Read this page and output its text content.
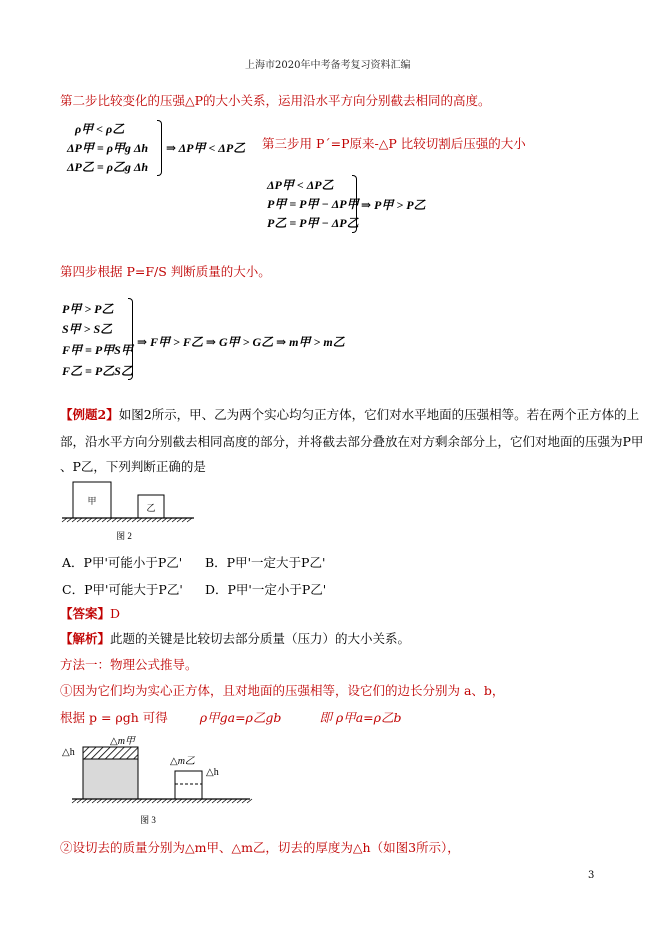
上海市2020年中考备考复习资料汇编
第二步比较变化的压强△P的大小关系，运用沿水平方向分别截去相同的高度。
ρ甲 < ρ乙
ΔP甲 = ρ甲g Δh
ΔP乙 = ρ乙g Δh
⇒ ΔP甲 < ΔP乙 第三步用 P´=P原来-△P 比较切割后压强的大小
ΔP甲 < ΔP乙
P甲 = P甲 − ΔP甲
P乙 = P甲 − ΔP乙
⇒ P甲 > P乙
第四步根据 P=F/S 判断质量的大小。
P甲 > P乙
S甲 > S乙
F甲 = P甲S甲
F乙 = P乙S乙
⇒ F甲 > F乙 ⇒ G甲 > G乙 ⇒ m甲 > m乙
【例题2】如图2所示，甲、乙为两个实心均匀正方体，它们对水平地面的压强相等。若在两个正方体的上
部，沿水平方向分别截去相同高度的部分，并将截去部分叠放在对方剩余部分上，它们对地面的压强为P甲
、P乙，下列判断正确的是
甲
乙
图 2
A．P甲'可能小于P乙' B．P甲'一定大于P乙'
C．P甲'可能大于P乙' D．P甲'一定小于P乙'
【答案】D
【解析】此题的关键是比较切去部分质量（压力）的大小关系。
方法一：物理公式推导。
①因为它们均为实心正方体，且对地面的压强相等，设它们的边长分别为 a、b，
根据 p = ρgh 可得	ρ甲ga=ρ乙gb	即 ρ甲a=ρ乙b
△h
△m甲
△m乙
△h
图 3
②设切去的质量分别为△m甲、△m乙，切去的厚度为△h（如图3所示），
3
